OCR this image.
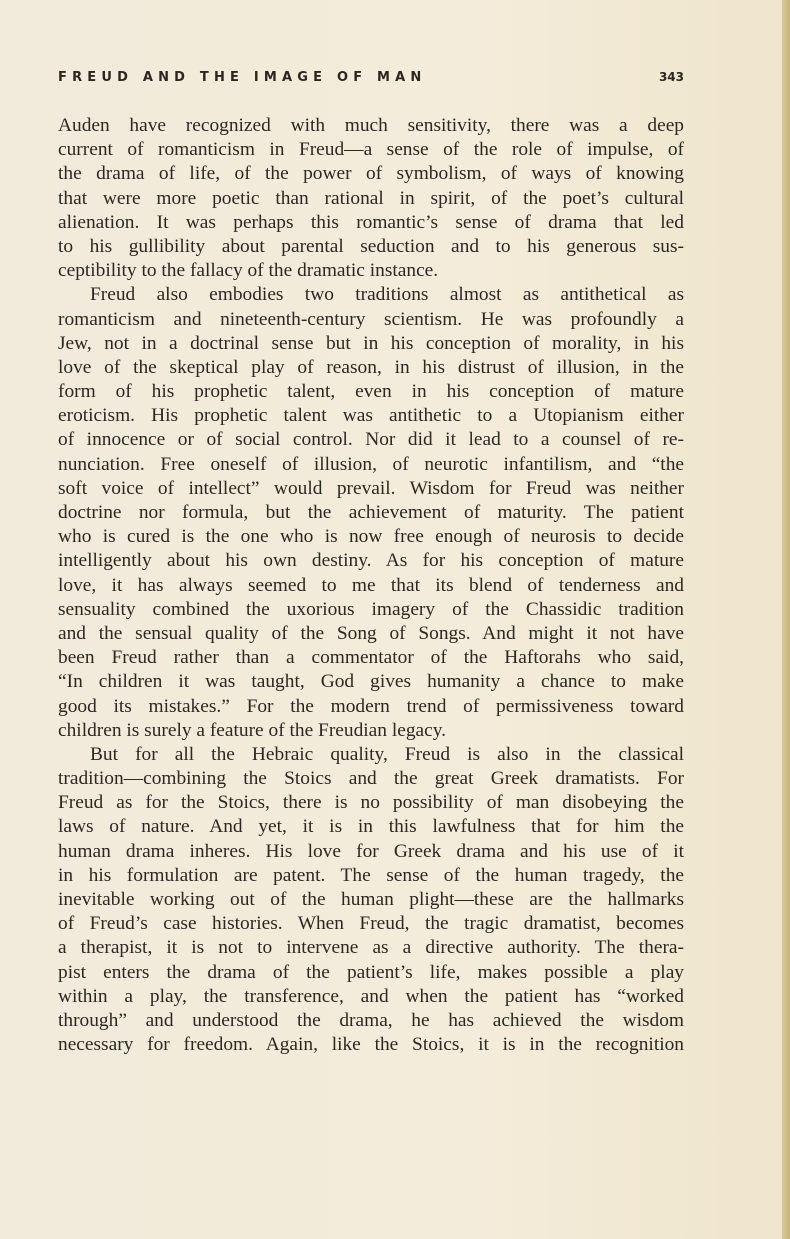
FREUD AND THE IMAGE OF MAN	343

Auden have recognized with much sensitivity, there was a deep
current of romanticism in Freud—a sense of the role of impulse, of
the drama of life, of the power of symbolism, of ways of knowing
that were more poetic than rational in spirit, of the poet’s cultural
alienation. It was perhaps this romantic’s sense of drama that led
to his gullibility about parental seduction and to his generous sus-
ceptibility to the fallacy of the dramatic instance.

Freud also embodies two traditions almost as antithetical as
romanticism and nineteenth-century scientism. He was profoundly a
Jew, not in a doctrinal sense but in his conception of morality, in his
love of the skeptical play of reason, in his distrust of illusion, in the
form of his prophetic talent, even in his conception of mature
eroticism. His prophetic talent was antithetic to a Utopianism either
of innocence or of social control. Nor did it lead to a counsel of re-
nunciation. Free oneself of illusion, of neurotic infantilism, and “the
soft voice of intellect” would prevail. Wisdom for Freud was neither
doctrine nor formula, but the achievement of maturity. The patient
who is cured is the one who is now free enough of neurosis to decide
intelligently about his own destiny. As for his conception of mature
love, it has always seemed to me that its blend of tenderness and
sensuality combined the uxorious imagery of the Chassidic tradition
and the sensual quality of the Song of Songs. And might it not have
been Freud rather than a commentator of the Haftorahs who said,
“In children it was taught, God gives humanity a chance to make
good its mistakes.” For the modern trend of permissiveness toward
children is surely a feature of the Freudian legacy.

But for all the Hebraic quality, Freud is also in the classical
tradition—combining the Stoics and the great Greek dramatists. For
Freud as for the Stoics, there is no possibility of man disobeying the
laws of nature. And yet, it is in this lawfulness that for him the
human drama inheres. His love for Greek drama and his use of it
in his formulation are patent. The sense of the human tragedy, the
inevitable working out of the human plight—these are the hallmarks
of Freud’s case histories. When Freud, the tragic dramatist, becomes
a therapist, it is not to intervene as a directive authority. The thera-
pist enters the drama of the patient’s life, makes possible a play
within a play, the transference, and when the patient has “worked
through” and understood the drama, he has achieved the wisdom
necessary for freedom. Again, like the Stoics, it is in the recognition
